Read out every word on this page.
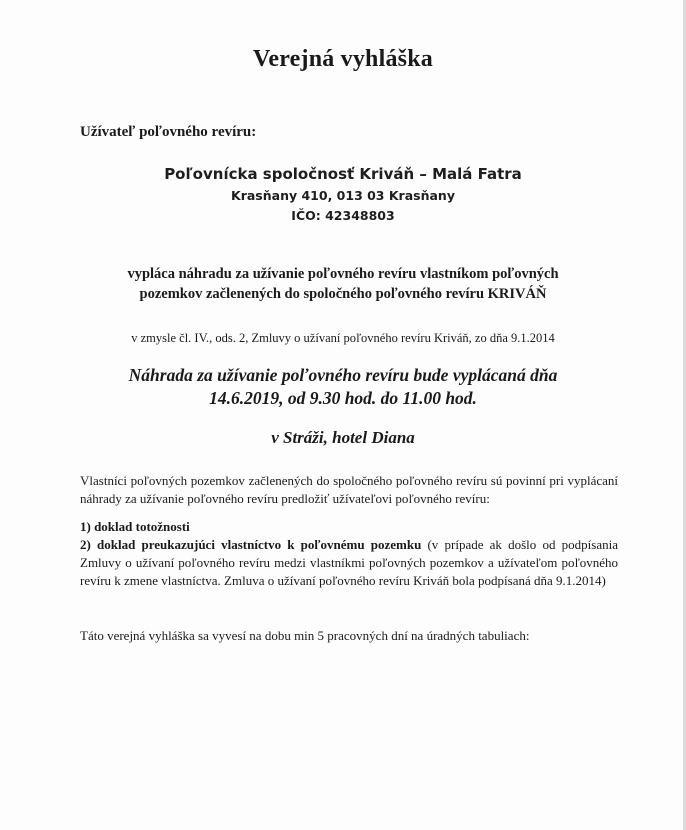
Verejná vyhláška
Užívateľ poľovného revíru:
Poľovnícka spoločnosť Kriváň – Malá Fatra
Krasňany 410, 013 03 Krasňany
IČO: 42348803
vypláca náhradu za užívanie poľovného revíru vlastníkom poľovných
pozemkov začlenených do spoločného poľovného revíru KRIVÁŇ
v zmysle čl. IV., ods. 2, Zmluvy o užívaní poľovného revíru Kriváň, zo dňa 9.1.2014
Náhrada za užívanie poľovného revíru bude vyplácaná dňa
14.6.2019, od 9.30 hod. do 11.00 hod.
v Stráži, hotel Diana
Vlastníci poľovných pozemkov začlenených do spoločného poľovného revíru sú povinní pri vyplácaní náhrady za užívanie poľovného revíru predložiť užívateľovi poľovného revíru:

1) doklad totožnosti

2) doklad preukazujúci vlastníctvo k poľovnému pozemku (v prípade ak došlo od podpísania Zmluvy o užívaní poľovného revíru medzi vlastníkmi poľovných pozemkov a užívateľom poľovného revíru k zmene vlastníctva. Zmluva o užívaní poľovného revíru Kriváň bola podpísaná dňa 9.1.2014)

Táto verejná vyhláška sa vyvesí na dobu min 5 pracovných dní na úradných tabuliach:
